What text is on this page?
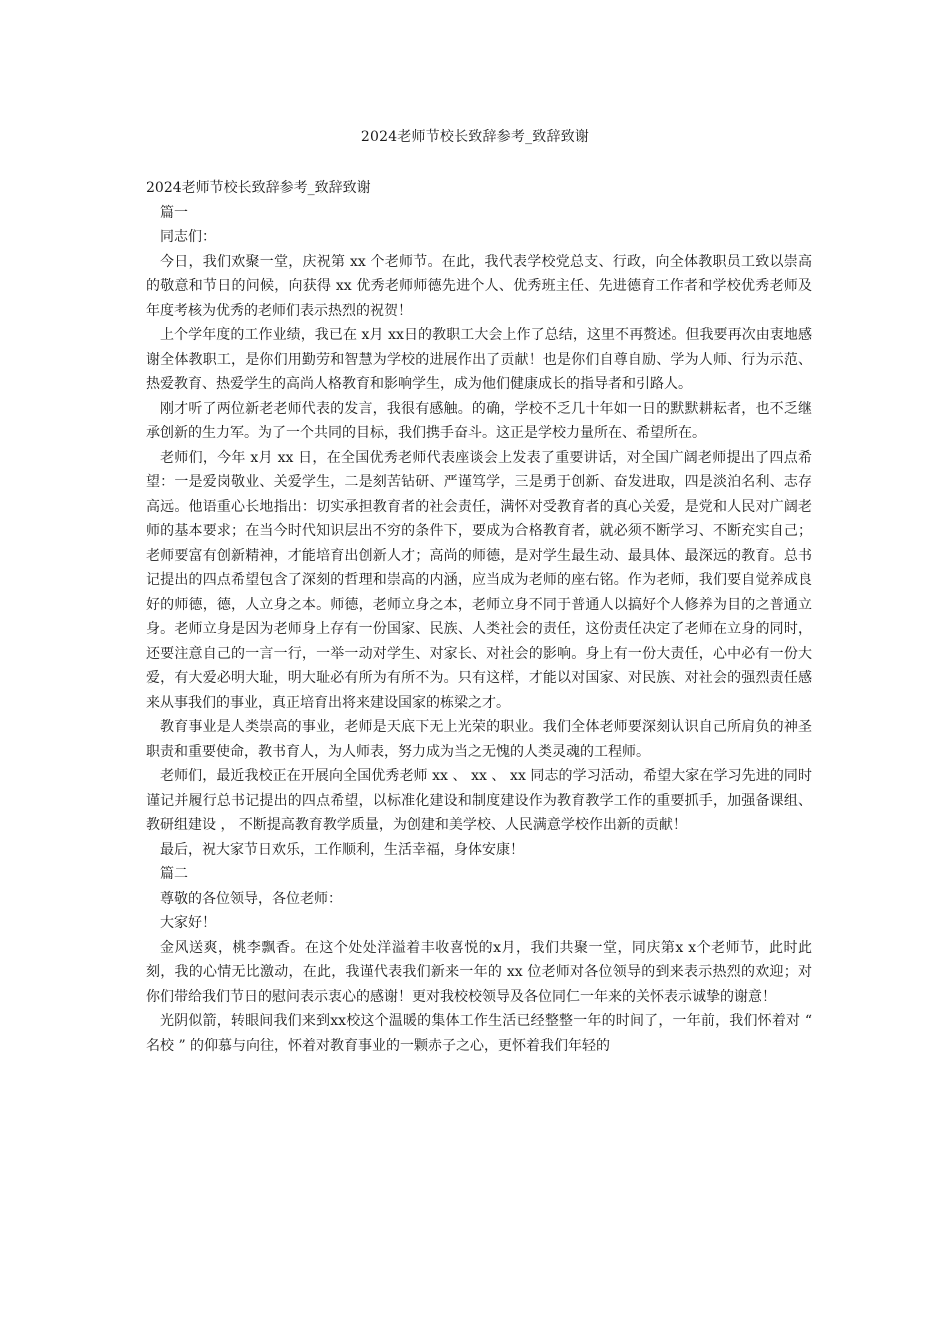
2024老师节校长致辞参考_致辞致谢

2024老师节校长致辞参考_致辞致谢

篇一

同志们：

今日，我们欢聚一堂，庆祝第 xx 个老师节。在此，我代表学校党总支、行政，向全体教职员工致以崇高的敬意和节日的问候，向获得 xx 优秀老师师德先进个人、优秀班主任、先进德育工作者和学校优秀老师及年度考核为优秀的老师们表示热烈的祝贺！

上个学年度的工作业绩，我已在 x月 xx日的教职工大会上作了总结，这里不再赘述。但我要再次由衷地感谢全体教职工，是你们用勤劳和智慧为学校的进展作出了贡献！也是你们自尊自励、学为人师、行为示范、热爱教育、热爱学生的高尚人格教育和影响学生，成为他们健康成长的指导者和引路人。

刚才听了两位新老老师代表的发言，我很有感触。的确，学校不乏几十年如一日的默默耕耘者，也不乏继承创新的生力军。为了一个共同的目标，我们携手奋斗。这正是学校力量所在、希望所在。

老师们，今年 x月 xx 日，在全国优秀老师代表座谈会上发表了重要讲话，对全国广阔老师提出了四点希望：一是爱岗敬业、关爱学生，二是刻苦钻研、严谨笃学，三是勇于创新、奋发进取，四是淡泊名利、志存高远。他语重心长地指出：切实承担教育者的社会责任，满怀对受教育者的真心关爱，是党和人民对广阔老师的基本要求；在当今时代知识层出不穷的条件下，要成为合格教育者，就必须不断学习、不断充实自己；老师要富有创新精神，才能培育出创新人才；高尚的师德，是对学生最生动、最具体、最深远的教育。总书记提出的四点希望包含了深刻的哲理和崇高的内涵，应当成为老师的座右铭。作为老师，我们要自觉养成良好的师德，德，人立身之本。师德，老师立身之本，老师立身不同于普通人以搞好个人修养为目的之普通立身。老师立身是因为老师身上存有一份国家、民族、人类社会的责任，这份责任决定了老师在立身的同时，还要注意自己的一言一行，一举一动对学生、对家长、对社会的影响。身上有一份大责任，心中必有一份大爱，有大爱必明大耻，明大耻必有所为有所不为。只有这样，才能以对国家、对民族、对社会的强烈责任感来从事我们的事业，真正培育出将来建设国家的栋梁之才。

教育事业是人类崇高的事业，老师是天底下无上光荣的职业。我们全体老师要深刻认识自己所肩负的神圣职责和重要使命，教书育人，为人师表，努力成为当之无愧的人类灵魂的工程师。

老师们，最近我校正在开展向全国优秀老师 xx 、 xx 、 xx 同志的学习活动，希望大家在学习先进的同时谨记并履行总书记提出的四点希望，以标准化建设和制度建设作为教育教学工作的重要抓手，加强备课组、教研组建设 ， 不断提高教育教学质量，为创建和美学校、人民满意学校作出新的贡献！

最后，祝大家节日欢乐，工作顺利，生活幸福，身体安康！

篇二

尊敬的各位领导，各位老师：

大家好！

金风送爽，桃李飘香。在这个处处洋溢着丰收喜悦的x月，我们共聚一堂，同庆第x x个老师节，此时此刻，我的心情无比激动，在此，我谨代表我们新来一年的 xx 位老师对各位领导的到来表示热烈的欢迎；对你们带给我们节日的慰问表示衷心的感谢！更对我校校领导及各位同仁一年来的关怀表示诚挚的谢意！

光阴似箭，转眼间我们来到xx校这个温暖的集体工作生活已经整整一年的时间了，一年前，我们怀着对 “ 名校 ” 的仰慕与向往，怀着对教育事业的一颗赤子之心，更怀着我们年轻的
